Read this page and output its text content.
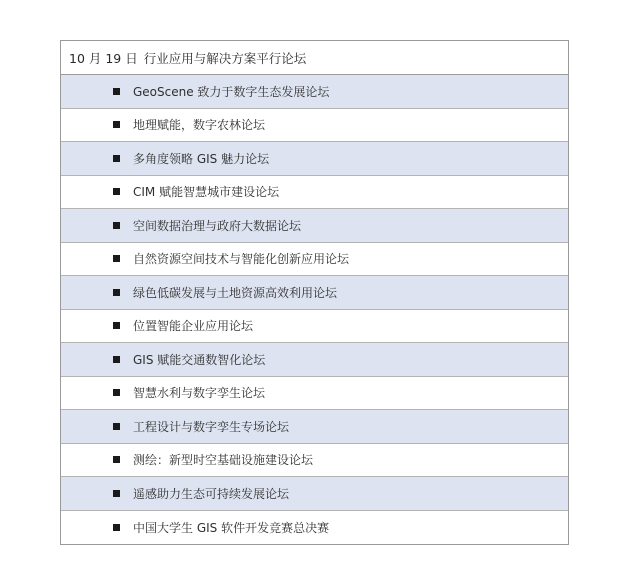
10 月 19 日 行业应用与解决方案平行论坛
GeoScene 致力于数字生态发展论坛
地理赋能，数字农林论坛
多角度领略 GIS 魅力论坛
CIM 赋能智慧城市建设论坛
空间数据治理与政府大数据论坛
自然资源空间技术与智能化创新应用论坛
绿色低碳发展与土地资源高效利用论坛
位置智能企业应用论坛
GIS 赋能交通数智化论坛
智慧水利与数字孪生论坛
工程设计与数字孪生专场论坛
测绘：新型时空基础设施建设论坛
遥感助力生态可持续发展论坛
中国大学生 GIS 软件开发竞赛总决赛
